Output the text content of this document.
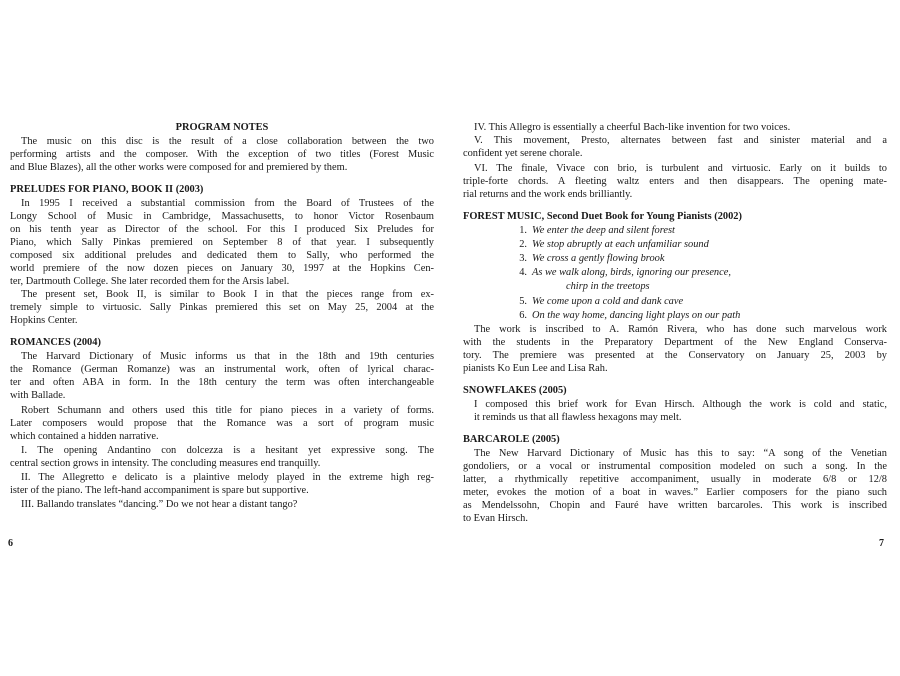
PROGRAM NOTES
The music on this disc is the result of a close collaboration between the two
performing artists and the composer. With the exception of two titles (Forest Music
and Blue Blazes), all the other works were composed for and premiered by them.
PRELUDES FOR PIANO, BOOK II (2003)
In 1995 I received a substantial commission from the Board of Trustees of the
Longy School of Music in Cambridge, Massachusetts, to honor Victor Rosenbaum
on his tenth year as Director of the school. For this I produced Six Preludes for
Piano, which Sally Pinkas premiered on September 8 of that year. I subsequently
composed six additional preludes and dedicated them to Sally, who performed the
world premiere of the now dozen pieces on January 30, 1997 at the Hopkins Cen-
ter, Dartmouth College. She later recorded them for the Arsis label.
The present set, Book II, is similar to Book I in that the pieces range from ex-
tremely simple to virtuosic. Sally Pinkas premiered this set on May 25, 2004 at the
Hopkins Center.
ROMANCES (2004)
The Harvard Dictionary of Music informs us that in the 18th and 19th centuries
the Romance (German Romanze) was an instrumental work, often of lyrical charac-
ter and often ABA in form. In the 18th century the term was often interchangeable
with Ballade.
Robert Schumann and others used this title for piano pieces in a variety of forms.
Later composers would propose that the Romance was a sort of program music
which contained a hidden narrative.
I. The opening Andantino con dolcezza is a hesitant yet expressive song. The
central section grows in intensity. The concluding measures end tranquilly.
II. The Allegretto e delicato is a plaintive melody played in the extreme high reg-
ister of the piano. The left-hand accompaniment is spare but supportive.
III. Ballando translates “dancing.” Do we not hear a distant tango?
6
IV. This Allegro is essentially a cheerful Bach-like invention for two voices.
V. This movement, Presto, alternates between fast and sinister material and a
confident yet serene chorale.
VI. The finale, Vivace con brio, is turbulent and virtuosic. Early on it builds to
triple-forte chords. A fleeting waltz enters and then disappears. The opening mate-
rial returns and the work ends brilliantly.
FOREST MUSIC, Second Duet Book for Young Pianists (2002)
1. We enter the deep and silent forest
2. We stop abruptly at each unfamiliar sound
3. We cross a gently flowing brook
4. As we walk along, birds, ignoring our presence,
chirp in the treetops
5. We come upon a cold and dank cave
6. On the way home, dancing light plays on our path
The work is inscribed to A. Ramón Rivera, who has done such marvelous work
with the students in the Preparatory Department of the New England Conserva-
tory. The premiere was presented at the Conservatory on January 25, 2003 by
pianists Ko Eun Lee and Lisa Rah.
SNOWFLAKES (2005)
I composed this brief work for Evan Hirsch. Although the work is cold and static,
it reminds us that all flawless hexagons may melt.
BARCAROLE (2005)
The New Harvard Dictionary of Music has this to say: “A song of the Venetian
gondoliers, or a vocal or instrumental composition modeled on such a song. In the
latter, a rhythmically repetitive accompaniment, usually in moderate 6/8 or 12/8
meter, evokes the motion of a boat in waves.” Earlier composers for the piano such
as Mendelssohn, Chopin and Fauré have written barcaroles. This work is inscribed
to Evan Hirsch.
7
